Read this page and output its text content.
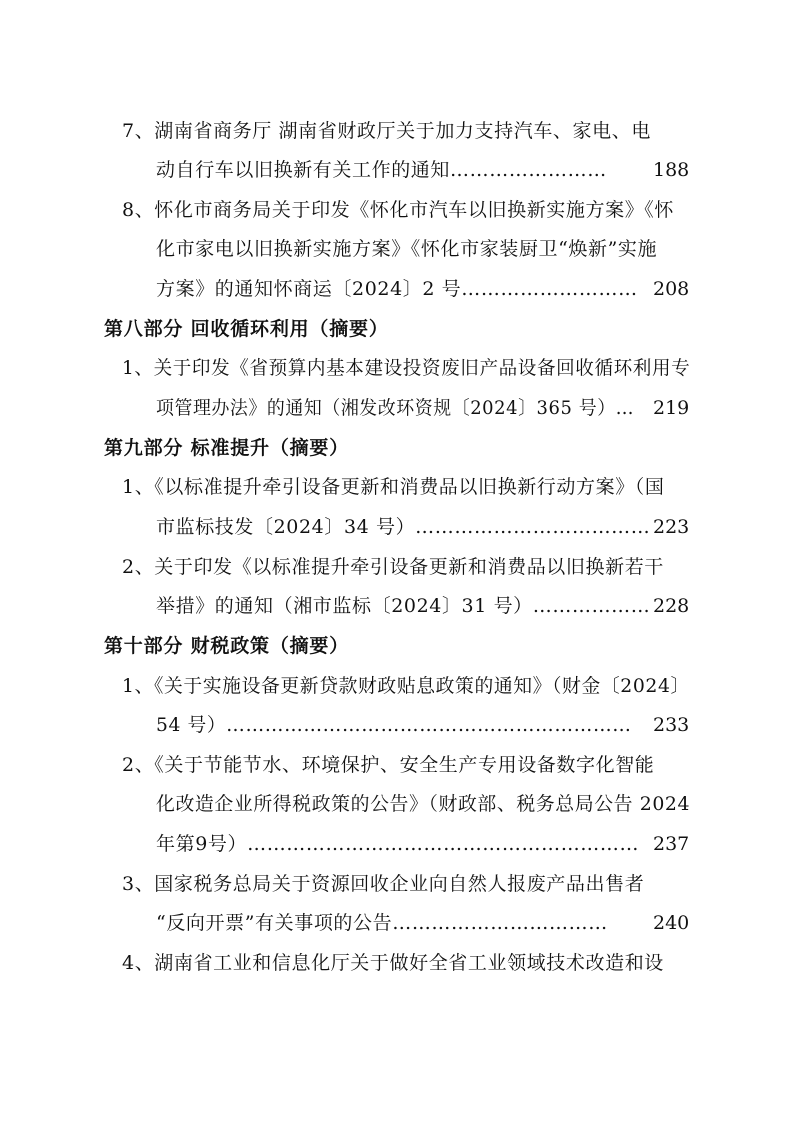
7、湖南省商务厅 湖南省财政厅关于加力支持汽车、家电、电
动自行车以旧换新有关工作的通知…………………… 188
8、怀化市商务局关于印发《怀化市汽车以旧换新实施方案》《怀
化市家电以旧换新实施方案》《怀化市家装厨卫“焕新”实施
方案》的通知怀商运〔2024〕2 号……………………… 208
第八部分 回收循环利用（摘要）
1、关于印发《省预算内基本建设投资废旧产品设备回收循环利用专
项管理办法》的通知（湘发改环资规〔2024〕365 号）… 219
第九部分 标准提升（摘要）
1、《以标准提升牵引设备更新和消费品以旧换新行动方案》（国
市监标技发〔2024〕34 号）……………………………… 223
2、关于印发《以标准提升牵引设备更新和消费品以旧换新若干
举措》的通知（湘市监标〔2024〕31 号）……………… 228
第十部分 财税政策（摘要）
1、《关于实施设备更新贷款财政贴息政策的通知》（财金〔2024〕
54 号）……………………………………………………… 233
2、《关于节能节水、环境保护、安全生产专用设备数字化智能
化改造企业所得税政策的公告》（财政部、税务总局公告 2024
年第9号）…………………………………………………… 237
3、国家税务总局关于资源回收企业向自然人报废产品出售者
“反向开票”有关事项的公告…………………………… 240
4、湖南省工业和信息化厅关于做好全省工业领域技术改造和设
